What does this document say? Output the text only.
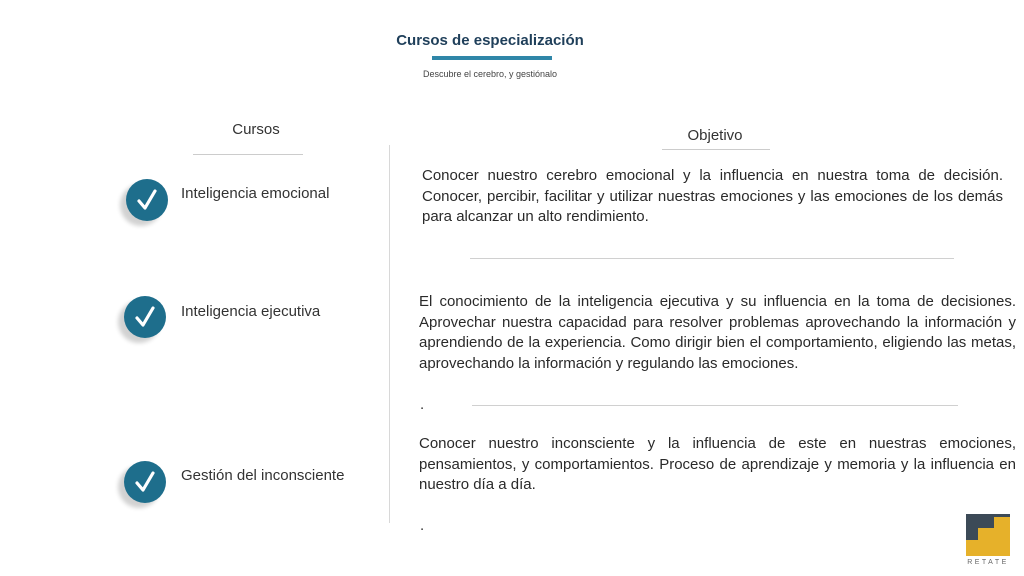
Cursos de especialización
Descubre el cerebro, y gestiónalo
Cursos	Objetivo
Inteligencia emocional
Conocer nuestro cerebro emocional y la influencia en nuestra toma de decisión. Conocer, percibir, facilitar y utilizar nuestras emociones y las emociones de los demás para alcanzar un alto rendimiento.
Inteligencia ejecutiva
El conocimiento de la inteligencia ejecutiva y su influencia en la toma de decisiones. Aprovechar nuestra capacidad para resolver problemas aprovechando la información y aprendiendo de la experiencia. Como dirigir bien el comportamiento, eligiendo las metas, aprovechando la información y regulando las emociones.
.
Gestión del inconsciente
Conocer nuestro inconsciente y la influencia de este en nuestras emociones, pensamientos, y comportamientos. Proceso de aprendizaje y memoria y la influencia en nuestro día a día.
.
RETATE
